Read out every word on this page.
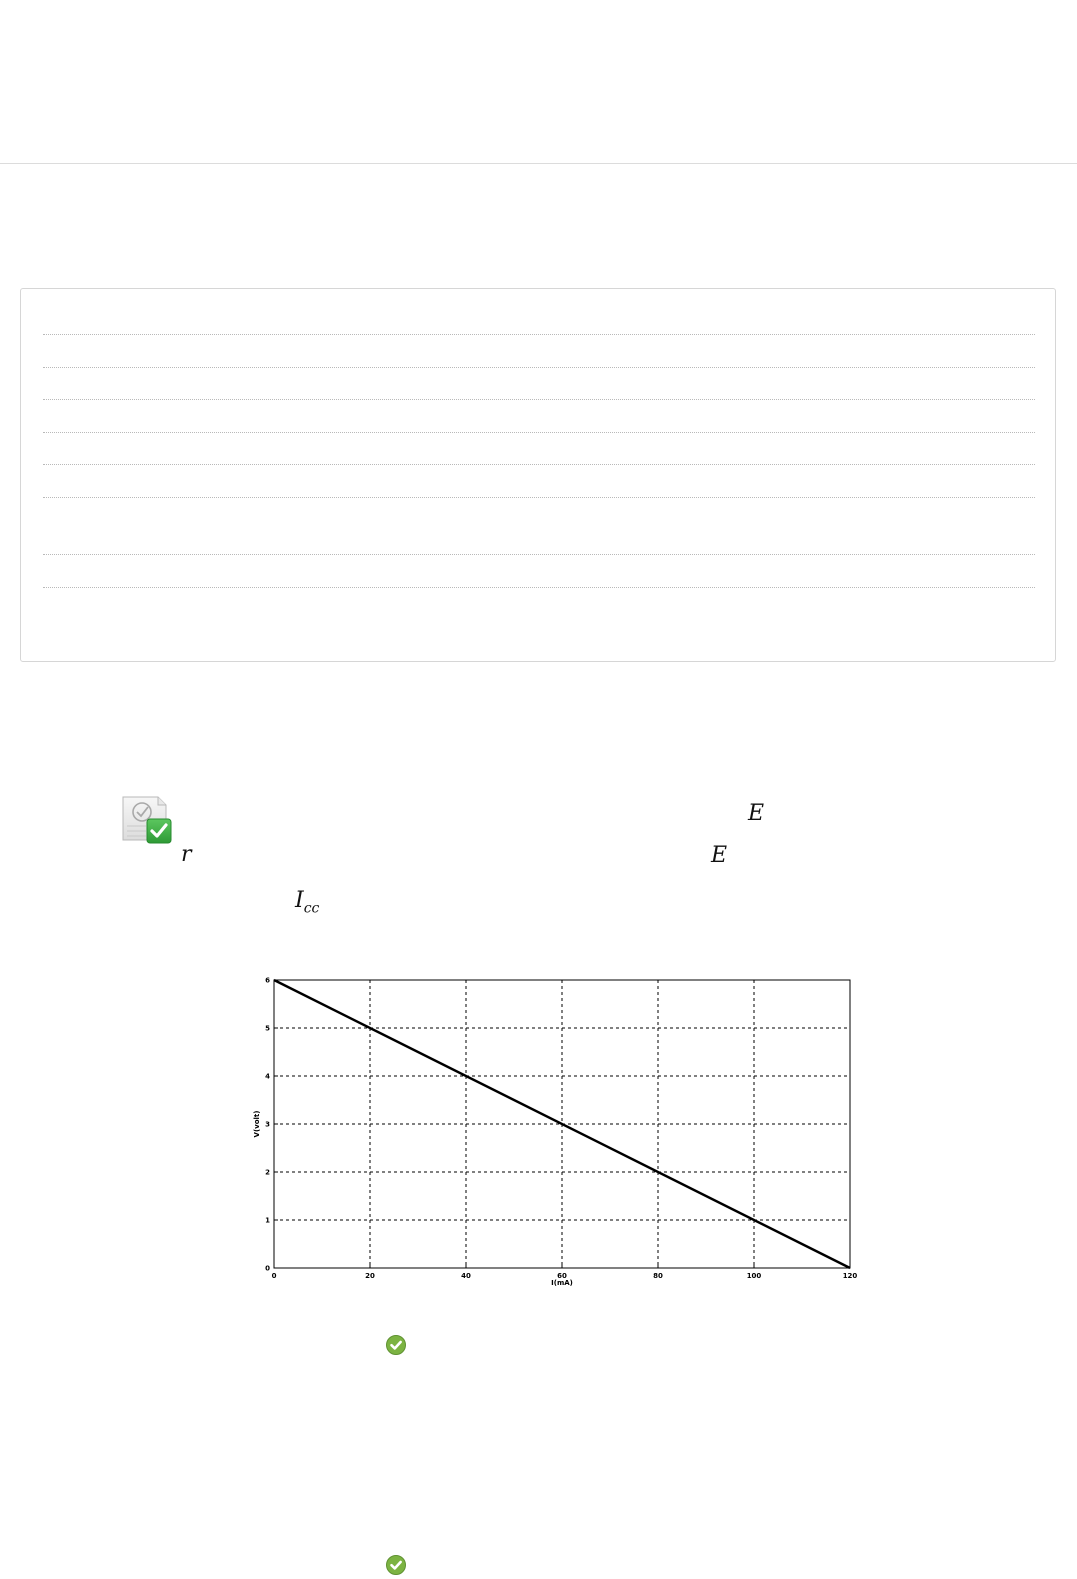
E
r	E
$I_{cc}$
0	20	40	60	80	100	120
0
1
2
3
4
5
6
I(mA)
V(volt)
